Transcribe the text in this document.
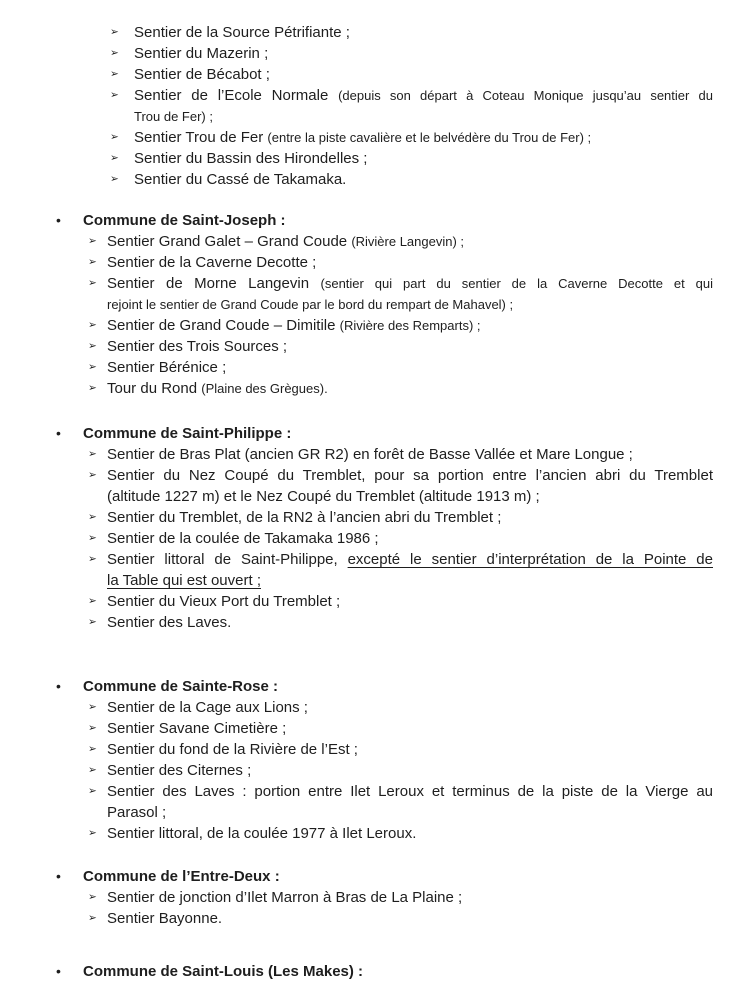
➢	Sentier de la Source Pétrifiante ;
➢	Sentier du Mazerin ;
➢	Sentier de Bécabot ;
➢	Sentier de l’Ecole Normale (depuis son départ à Coteau Monique jusqu’au sentier du
Trou de Fer) ;
➢	Sentier Trou de Fer (entre la piste cavalière et le belvédère du Trou de Fer) ;
➢	Sentier du Bassin des Hirondelles ;
➢	Sentier du Cassé de Takamaka.
•	Commune de Saint-Joseph :
➢ Sentier Grand Galet – Grand Coude (Rivière Langevin) ;
➢ Sentier de la Caverne Decotte ;
➢ Sentier de Morne Langevin (sentier qui part du sentier de la Caverne Decotte et qui
rejoint le sentier de Grand Coude par le bord du rempart de Mahavel) ;
➢ Sentier de Grand Coude – Dimitile (Rivière des Remparts) ;
➢ Sentier des Trois Sources ;
➢ Sentier Bérénice ;
➢ Tour du Rond (Plaine des Grègues).
•	Commune de Saint-Philippe :
➢ Sentier de Bras Plat (ancien GR R2) en forêt de Basse Vallée et Mare Longue ;
➢ Sentier du Nez Coupé du Tremblet, pour sa portion entre l’ancien abri du Tremblet
(altitude 1227 m) et le Nez Coupé du Tremblet (altitude 1913 m) ;
➢ Sentier du Tremblet, de la RN2 à l’ancien abri du Tremblet ;
➢ Sentier de la coulée de Takamaka 1986 ;
➢ Sentier littoral de Saint-Philippe, excepté le sentier d’interprétation de la Pointe de
la Table qui est ouvert ;
➢ Sentier du Vieux Port du Tremblet ;
➢ Sentier des Laves.
•	Commune de Sainte-Rose :
➢ Sentier de la Cage aux Lions ;
➢ Sentier Savane Cimetière ;
➢ Sentier du fond de la Rivière de l’Est ;
➢ Sentier des Citernes ;
➢ Sentier des Laves : portion entre Ilet Leroux et terminus de la piste de la Vierge au
Parasol ;
➢ Sentier littoral, de la coulée 1977 à Ilet Leroux.
•	Commune de l’Entre-Deux :
➢ Sentier de jonction d’Ilet Marron à Bras de La Plaine ;
➢ Sentier Bayonne.
•	Commune de Saint-Louis (Les Makes) :
